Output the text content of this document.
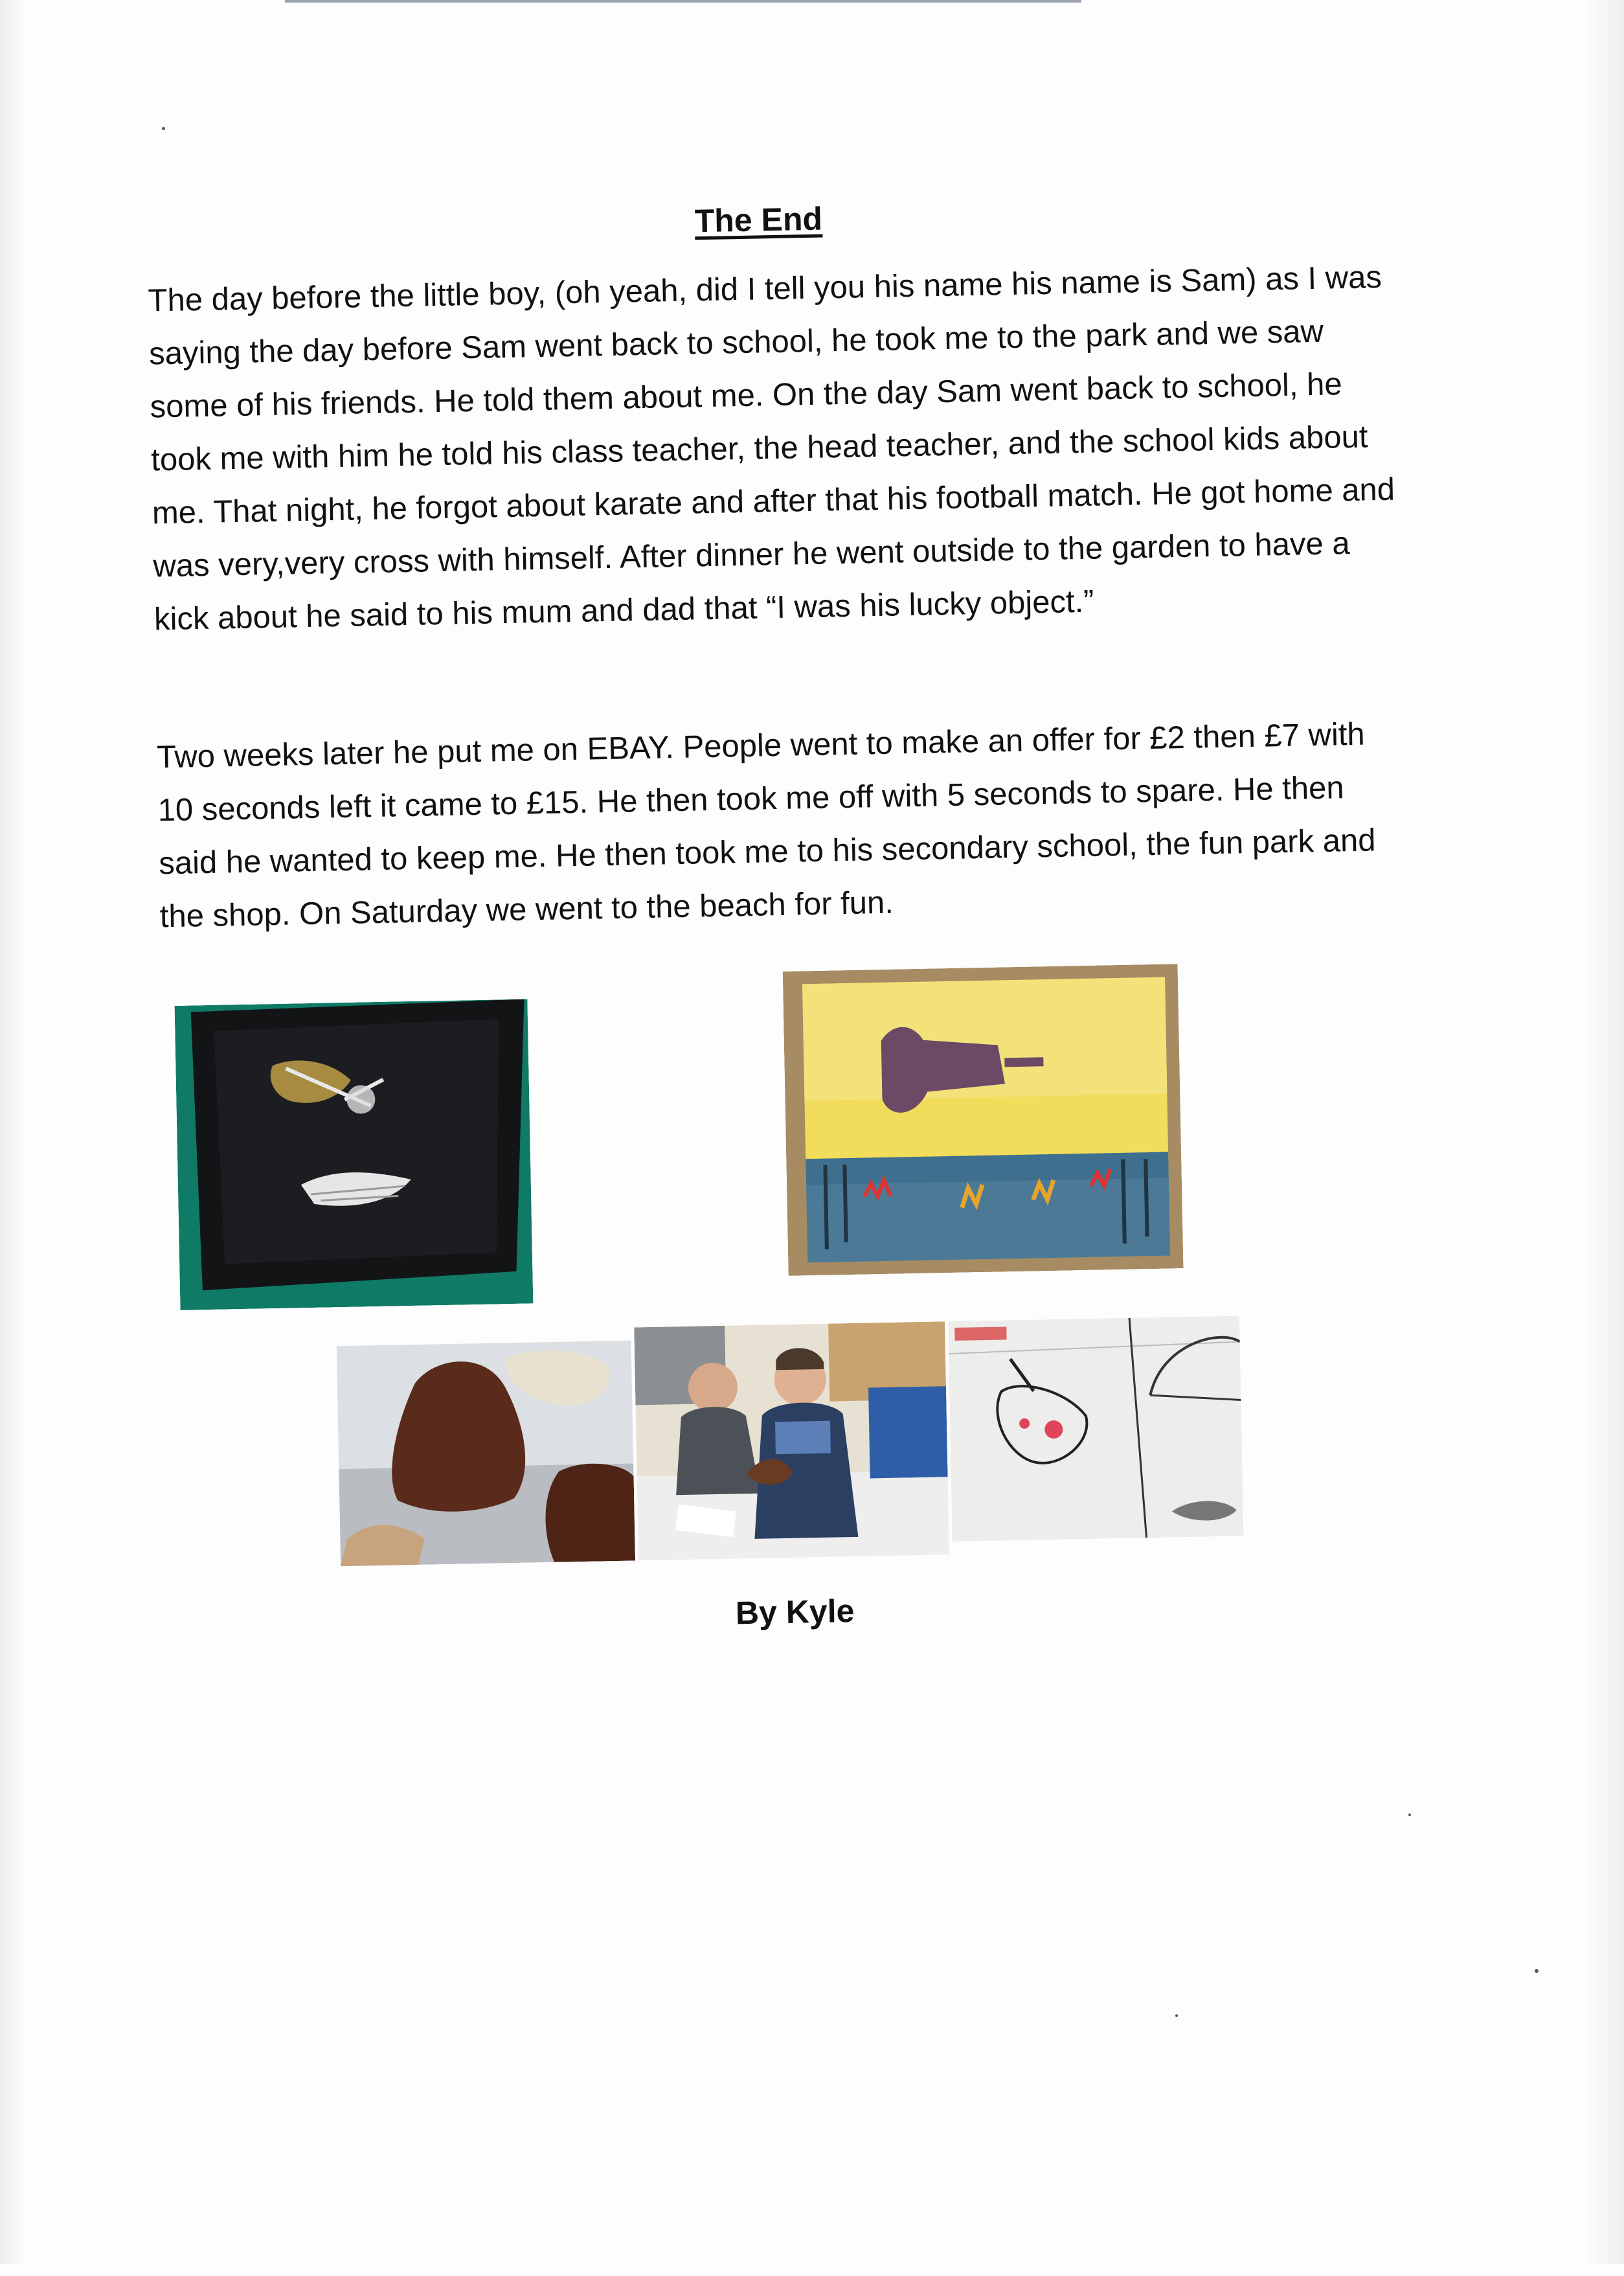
The End

The day before the little boy, (oh yeah, did I tell you his name his name is Sam) as I was saying the day before Sam went back to school, he took me to the park and we saw some of his friends. He told them about me. On the day Sam went back to school, he took me with him he told his class teacher, the head teacher, and the school kids about me. That night, he forgot about karate and after that his football match. He got home and was very,very cross with himself. After dinner he went outside to the garden to have a kick about he said to his mum and dad that “I was his lucky object.”

Two weeks later he put me on EBAY. People went to make an offer for £2 then £7 with 10 seconds left it came to £15. He then took me off with 5 seconds to spare. He then said he wanted to keep me. He then took me to his secondary school, the fun park and the shop. On Saturday we went to the beach for fun.

By Kyle
